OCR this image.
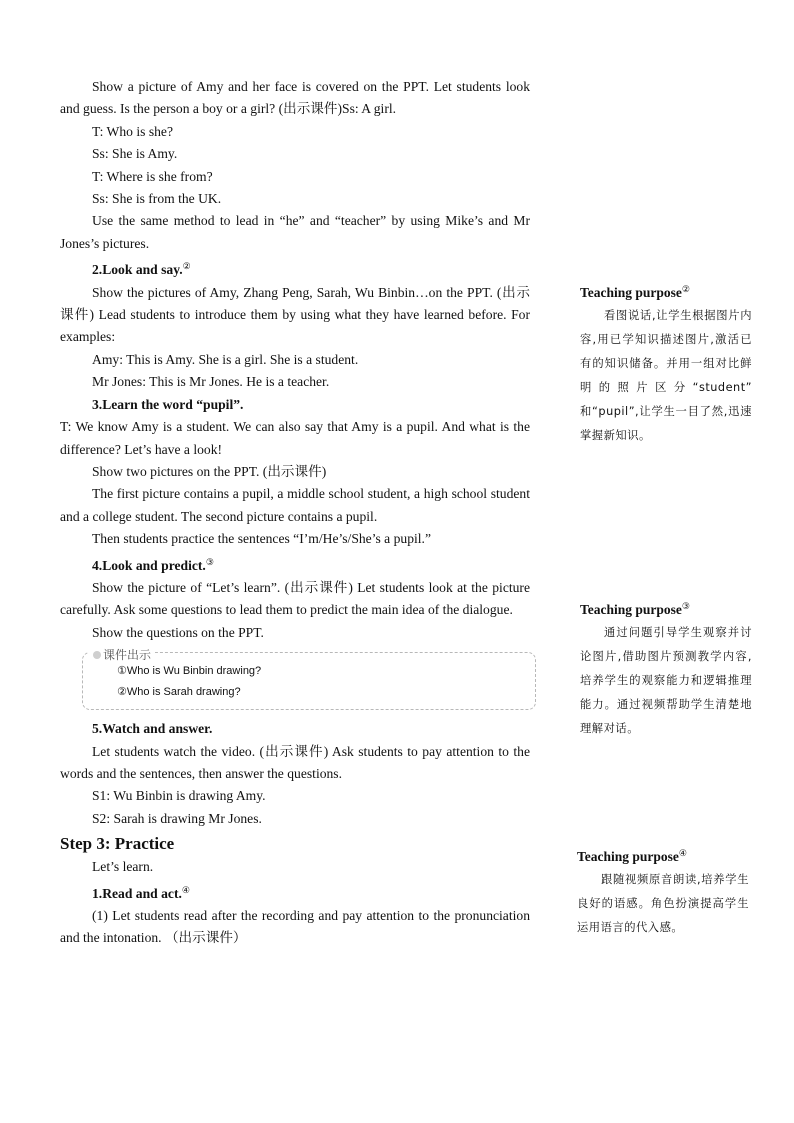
Show a picture of Amy and her face is covered on the PPT. Let students look and guess. Is the person a boy or a girl? (出示课件)Ss: A girl.

T: Who is she?

Ss: She is Amy.

T: Where is she from?

Ss: She is from the UK.

Use the same method to lead in “he” and “teacher” by using Mike’s and Mr Jones’s pictures.

2.Look and say.②

Show the pictures of Amy, Zhang Peng, Sarah, Wu Binbin…on the PPT. (出示课件) Lead students to introduce them by using what they have learned before. For examples:

Amy: This is Amy. She is a girl. She is a student.

Mr Jones: This is Mr Jones. He is a teacher.

3.Learn the word “pupil”.

T: We know Amy is a student. We can also say that Amy is a pupil. And what is the difference? Let’s have a look!

Show two pictures on the PPT. (出示课件)

The first picture contains a pupil, a middle school student, a high school student and a college student. The second picture contains a pupil.

Then students practice the sentences “I’m/He’s/She’s a pupil.”

4.Look and predict.③

Show the picture of “Let’s learn”. (出示课件) Let students look at the picture carefully. Ask some questions to lead them to predict the main idea of the dialogue.

Show the questions on the PPT.

课件出示

①Who is Wu Binbin drawing?

②Who is Sarah drawing?

5.Watch and answer.

Let students watch the video. (出示课件) Ask students to pay attention to the words and the sentences, then answer the questions.

S1: Wu Binbin is drawing Amy.

S2: Sarah is drawing Mr Jones.

Step 3: Practice

Let’s learn.

1.Read and act.④

(1) Let students read after the recording and pay attention to the pronunciation and the intonation. （出示课件）

Teaching purpose②

看图说话,让学生根据图片内容,用已学知识描述图片,激活已有的知识储备。并用一组对比鲜明的照片区分“student” 和“pupil”,让学生一目了然,迅速掌握新知识。

Teaching purpose③

通过问题引导学生观察并讨论图片,借助图片预测教学内容,培养学生的观察能力和逻辑推理能力。通过视频帮助学生清楚地理解对话。

Teaching purpose④

跟随视频原音朗读,培养学生良好的语感。角色扮演提高学生运用语言的代入感。
